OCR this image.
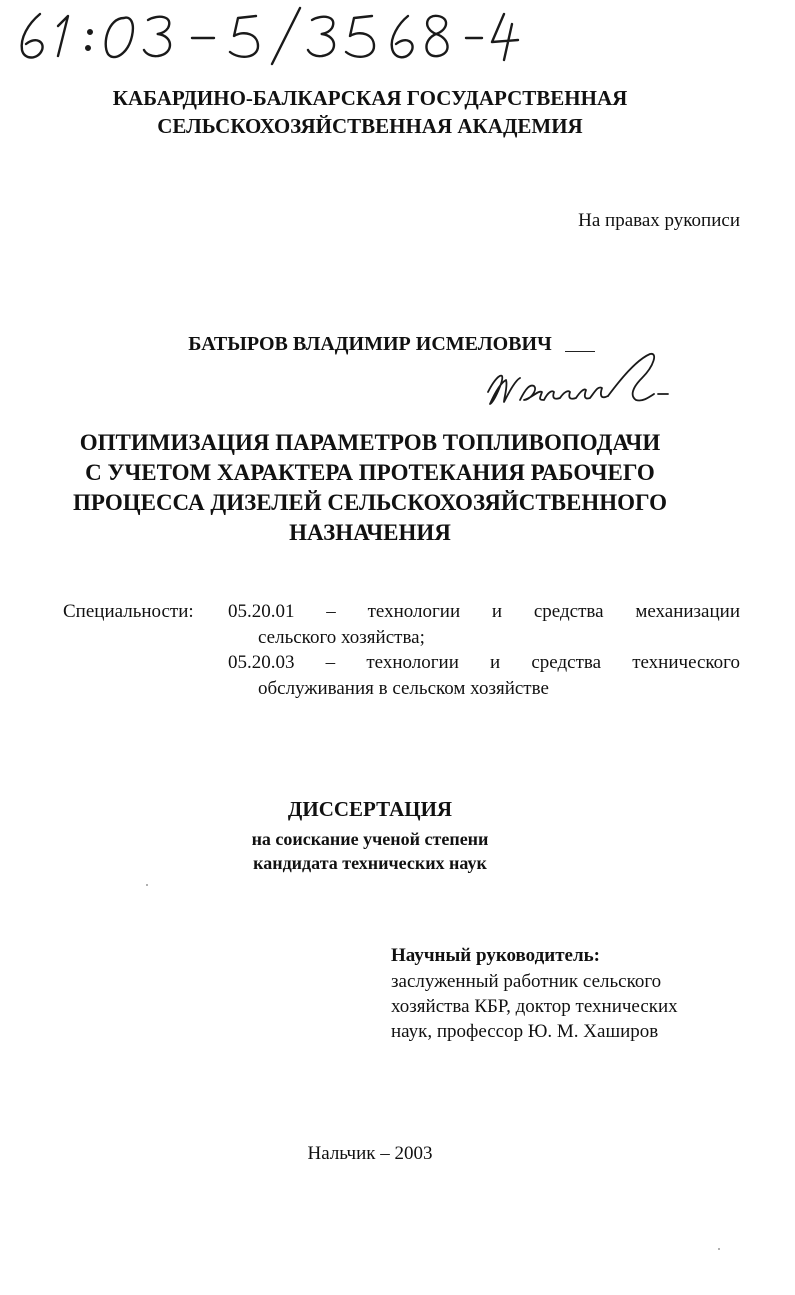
КАБАРДИНО-БАЛКАРСКАЯ ГОСУДАРСТВЕННАЯ
СЕЛЬСКОХОЗЯЙСТВЕННАЯ АКАДЕМИЯ
На правах рукописи
БАТЫРОВ ВЛАДИМИР ИСМЕЛОВИЧ
ОПТИМИЗАЦИЯ ПАРАМЕТРОВ ТОПЛИВОПОДАЧИ
С УЧЕТОМ ХАРАКТЕРА ПРОТЕКАНИЯ РАБОЧЕГО
ПРОЦЕССА ДИЗЕЛЕЙ СЕЛЬСКОХОЗЯЙСТВЕННОГО
НАЗНАЧЕНИЯ
Специальности: 05.20.01 – технологии и средства механизации
сельского хозяйства;
05.20.03 – технологии и средства технического
обслуживания в сельском хозяйстве
ДИССЕРТАЦИЯ
на соискание ученой степени
кандидата технических наук
Научный руководитель:
заслуженный работник сельского
хозяйства КБР, доктор технических
наук, профессор Ю. М. Хаширов
Нальчик – 2003
